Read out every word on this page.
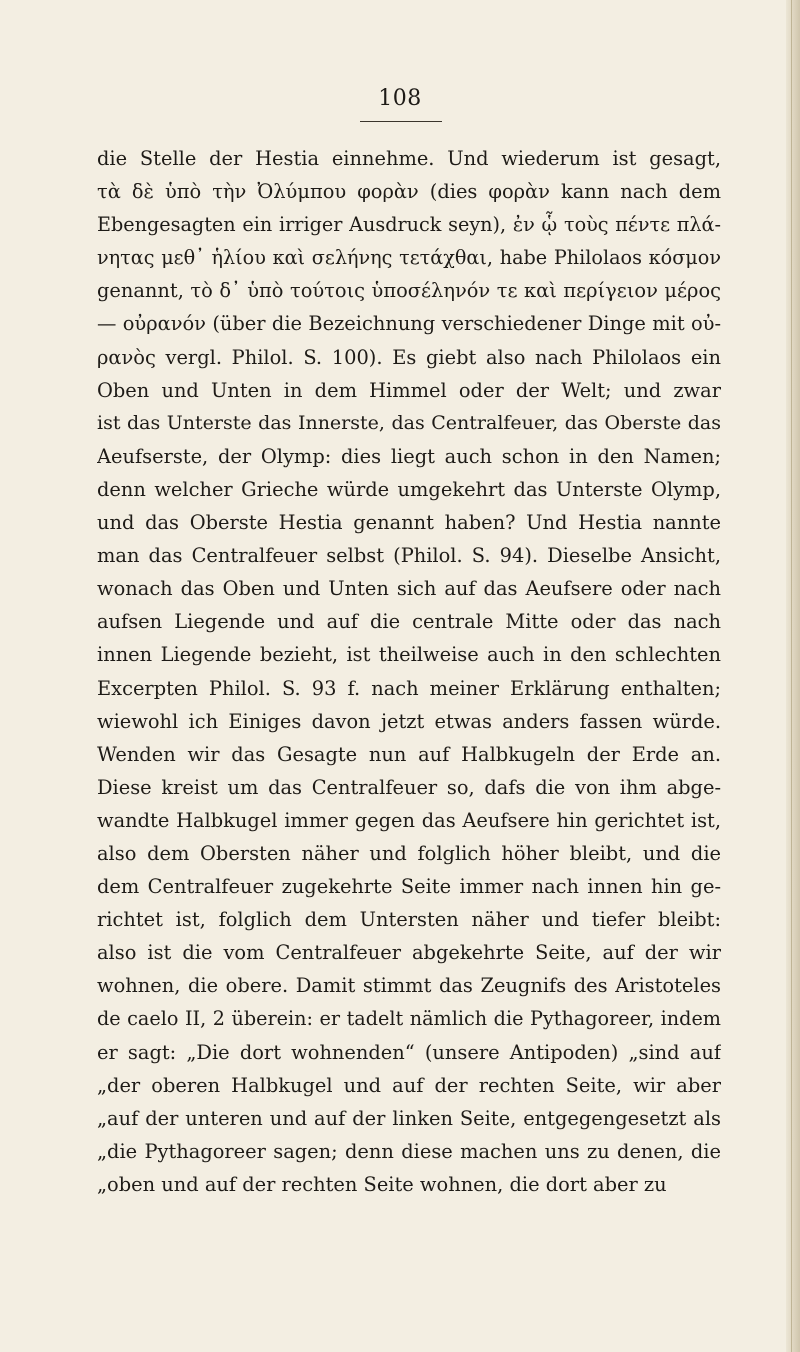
108
die Stelle der Hestia einnehme. Und wiederum ist gesagt,
τὰ δὲ ὑπὸ τὴν Ὀλύμπου φορὰν (dies φορὰν kann nach dem
Ebengesagten ein irriger Ausdruck seyn), ἐν ᾧ τοὺς πέντε πλά-
νητας μεθ᾽ ἡλίου καὶ σελήνης τετάχθαι, habe Philolaos κόσμον
genannt, τὸ δ᾽ ὑπὸ τούτοις ὑποσέληνόν τε καὶ περίγειον μέρος
— οὐρανόν (über die Bezeichnung verschiedener Dinge mit οὐ-
ρανὸς vergl. Philol. S. 100). Es giebt also nach Philolaos ein
Oben und Unten in dem Himmel oder der Welt; und zwar
ist das Unterste das Innerste, das Centralfeuer, das Oberste das
Aeufserste, der Olymp: dies liegt auch schon in den Namen;
denn welcher Grieche würde umgekehrt das Unterste Olymp,
und das Oberste Hestia genannt haben? Und Hestia nannte
man das Centralfeuer selbst (Philol. S. 94). Dieselbe Ansicht,
wonach das Oben und Unten sich auf das Aeufsere oder nach
aufsen Liegende und auf die centrale Mitte oder das nach
innen Liegende bezieht, ist theilweise auch in den schlechten
Excerpten Philol. S. 93 f. nach meiner Erklärung enthalten;
wiewohl ich Einiges davon jetzt etwas anders fassen würde.
Wenden wir das Gesagte nun auf Halbkugeln der Erde an.
Diese kreist um das Centralfeuer so, dafs die von ihm abge-
wandte Halbkugel immer gegen das Aeufsere hin gerichtet ist,
also dem Obersten näher und folglich höher bleibt, und die
dem Centralfeuer zugekehrte Seite immer nach innen hin ge-
richtet ist, folglich dem Untersten näher und tiefer bleibt:
also ist die vom Centralfeuer abgekehrte Seite, auf der wir
wohnen, die obere. Damit stimmt das Zeugnifs des Aristoteles
de caelo II, 2 überein: er tadelt nämlich die Pythagoreer, indem
er sagt: „Die dort wohnenden“ (unsere Antipoden) „sind auf
„der oberen Halbkugel und auf der rechten Seite, wir aber
„auf der unteren und auf der linken Seite, entgegengesetzt als
„die Pythagoreer sagen; denn diese machen uns zu denen, die
„oben und auf der rechten Seite wohnen, die dort aber zu
